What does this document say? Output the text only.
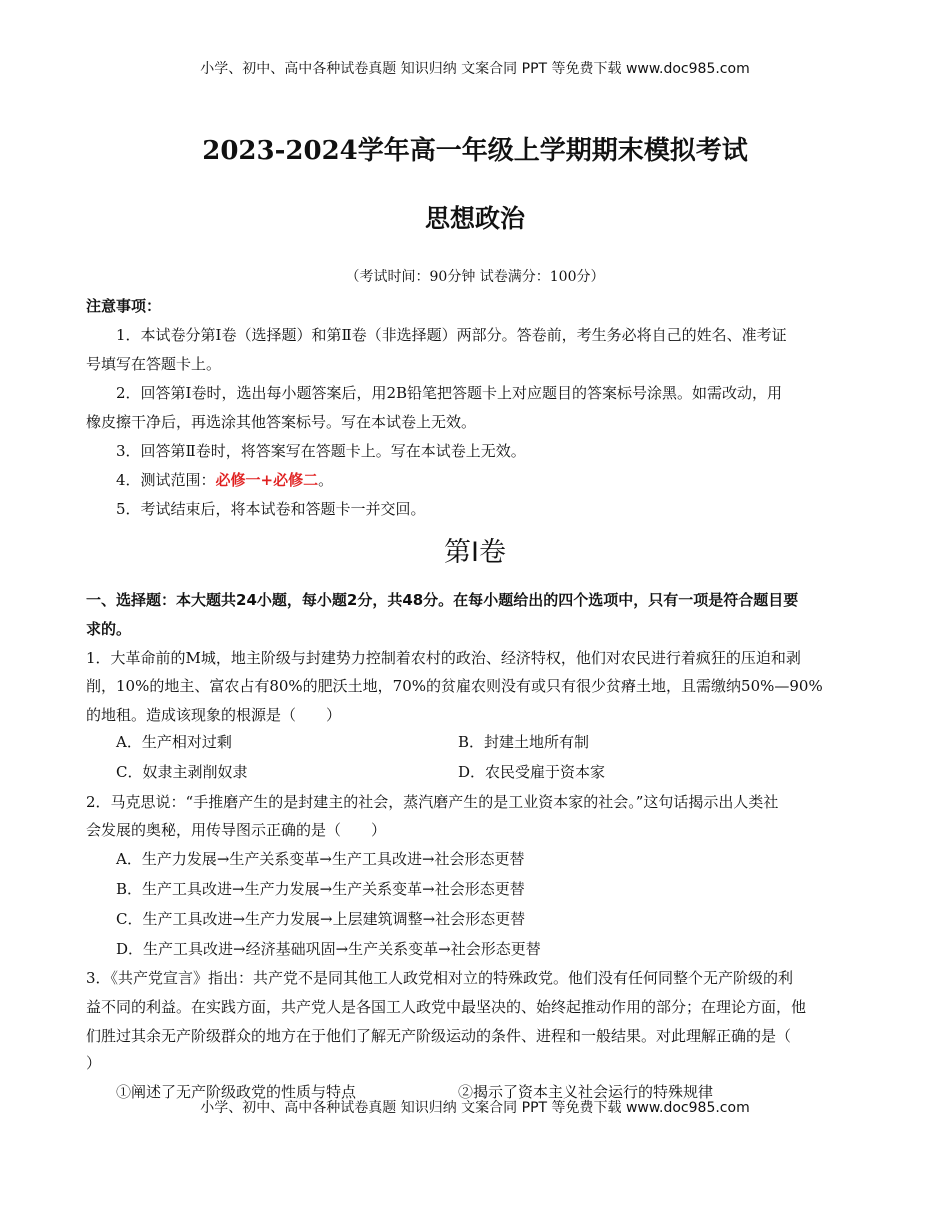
小学、初中、高中各种试卷真题 知识归纳 文案合同 PPT 等免费下载 www.doc985.com
2023-2024学年高一年级上学期期末模拟考试
思想政治
（考试时间：90分钟 试卷满分：100分）
注意事项：
1．本试卷分第Ⅰ卷（选择题）和第Ⅱ卷（非选择题）两部分。答卷前，考生务必将自己的姓名、准考证
号填写在答题卡上。
2．回答第Ⅰ卷时，选出每小题答案后，用2B铅笔把答题卡上对应题目的答案标号涂黑。如需改动，用
橡皮擦干净后，再选涂其他答案标号。写在本试卷上无效。
3．回答第Ⅱ卷时，将答案写在答题卡上。写在本试卷上无效。
4．测试范围：必修一+必修二。
5．考试结束后，将本试卷和答题卡一并交回。
第Ⅰ卷
一、选择题：本大题共24小题，每小题2分，共48分。在每小题给出的四个选项中，只有一项是符合题目要
求的。
1．大革命前的M城，地主阶级与封建势力控制着农村的政治、经济特权，他们对农民进行着疯狂的压迫和剥
削，10%的地主、富农占有80%的肥沃土地，70%的贫雇农则没有或只有很少贫瘠土地，且需缴纳50%—90%
的地租。造成该现象的根源是（　　）
A．生产相对过剩	B．封建土地所有制
C．奴隶主剥削奴隶	D．农民受雇于资本家
2．马克思说：“手推磨产生的是封建主的社会，蒸汽磨产生的是工业资本家的社会。”这句话揭示出人类社
会发展的奥秘，用传导图示正确的是（　　）
A．生产力发展→生产关系变革→生产工具改进→社会形态更替
B．生产工具改进→生产力发展→生产关系变革→社会形态更替
C．生产工具改进→生产力发展→上层建筑调整→社会形态更替
D．生产工具改进→经济基础巩固→生产关系变革→社会形态更替
3．《共产党宣言》指出：共产党不是同其他工人政党相对立的特殊政党。他们没有任何同整个无产阶级的利
益不同的利益。在实践方面，共产党人是各国工人政党中最坚决的、始终起推动作用的部分；在理论方面，他
们胜过其余无产阶级群众的地方在于他们了解无产阶级运动的条件、进程和一般结果。对此理解正确的是（
）
①阐述了无产阶级政党的性质与特点	②揭示了资本主义社会运行的特殊规律
小学、初中、高中各种试卷真题 知识归纳 文案合同 PPT 等免费下载 www.doc985.com
